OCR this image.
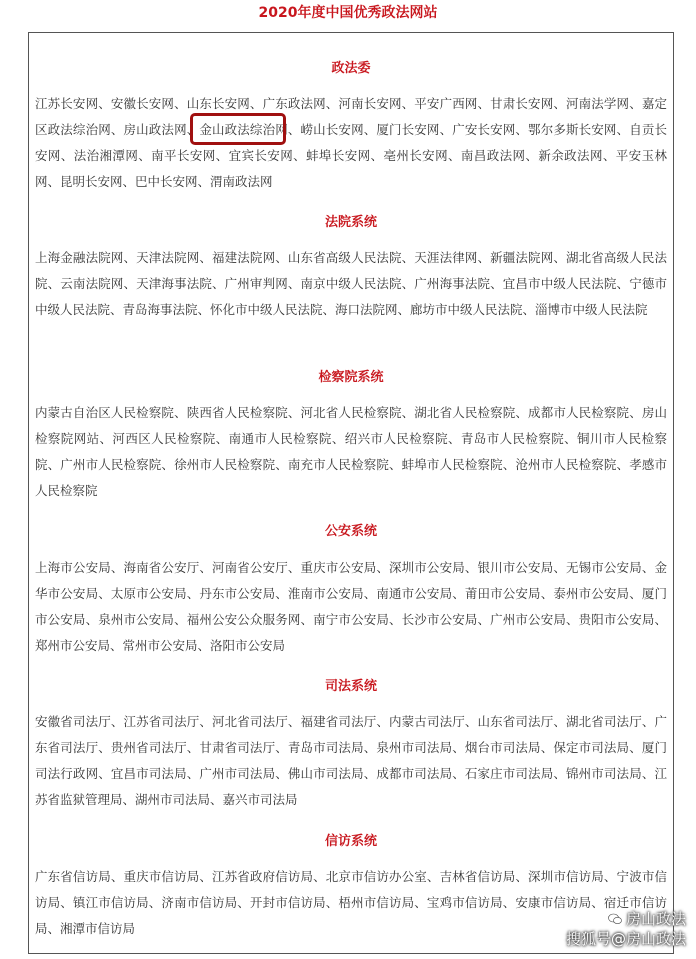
2020年度中国优秀政法网站
政法委
江苏长安网、安徽长安网、山东长安网、广东政法网、河南长安网、平安广西网、甘肃长安网、河南法学网、嘉定区政法综治网、房山政法网、金山政法综治网、崂山长安网、厦门长安网、广安长安网、鄂尔多斯长安网、自贡长安网、法治湘潭网、南平长安网、宜宾长安网、蚌埠长安网、亳州长安网、南昌政法网、新余政法网、平安玉林网、昆明长安网、巴中长安网、渭南政法网
法院系统
上海金融法院网、天津法院网、福建法院网、山东省高级人民法院、天涯法律网、新疆法院网、湖北省高级人民法院、云南法院网、天津海事法院、广州审判网、南京中级人民法院、广州海事法院、宜昌市中级人民法院、宁德市中级人民法院、青岛海事法院、怀化市中级人民法院、海口法院网、廊坊市中级人民法院、淄博市中级人民法院
检察院系统
内蒙古自治区人民检察院、陕西省人民检察院、河北省人民检察院、湖北省人民检察院、成都市人民检察院、房山检察院网站、河西区人民检察院、南通市人民检察院、绍兴市人民检察院、青岛市人民检察院、铜川市人民检察院、广州市人民检察院、徐州市人民检察院、南充市人民检察院、蚌埠市人民检察院、沧州市人民检察院、孝感市人民检察院
公安系统
上海市公安局、海南省公安厅、河南省公安厅、重庆市公安局、深圳市公安局、银川市公安局、无锡市公安局、金华市公安局、太原市公安局、丹东市公安局、淮南市公安局、南通市公安局、莆田市公安局、泰州市公安局、厦门市公安局、泉州市公安局、福州公安公众服务网、南宁市公安局、长沙市公安局、广州市公安局、贵阳市公安局、郑州市公安局、常州市公安局、洛阳市公安局
司法系统
安徽省司法厅、江苏省司法厅、河北省司法厅、福建省司法厅、内蒙古司法厅、山东省司法厅、湖北省司法厅、广东省司法厅、贵州省司法厅、甘肃省司法厅、青岛市司法局、泉州市司法局、烟台市司法局、保定市司法局、厦门司法行政网、宜昌市司法局、广州市司法局、佛山市司法局、成都市司法局、石家庄市司法局、锦州市司法局、江苏省监狱管理局、湖州市司法局、嘉兴市司法局
信访系统
广东省信访局、重庆市信访局、江苏省政府信访局、北京市信访办公室、吉林省信访局、深圳市信访局、宁波市信访局、镇江市信访局、济南市信访局、开封市信访局、梧州市信访局、宝鸡市信访局、安康市信访局、宿迁市信访局、湘潭市信访局
房山政法
搜狐号@房山政法
